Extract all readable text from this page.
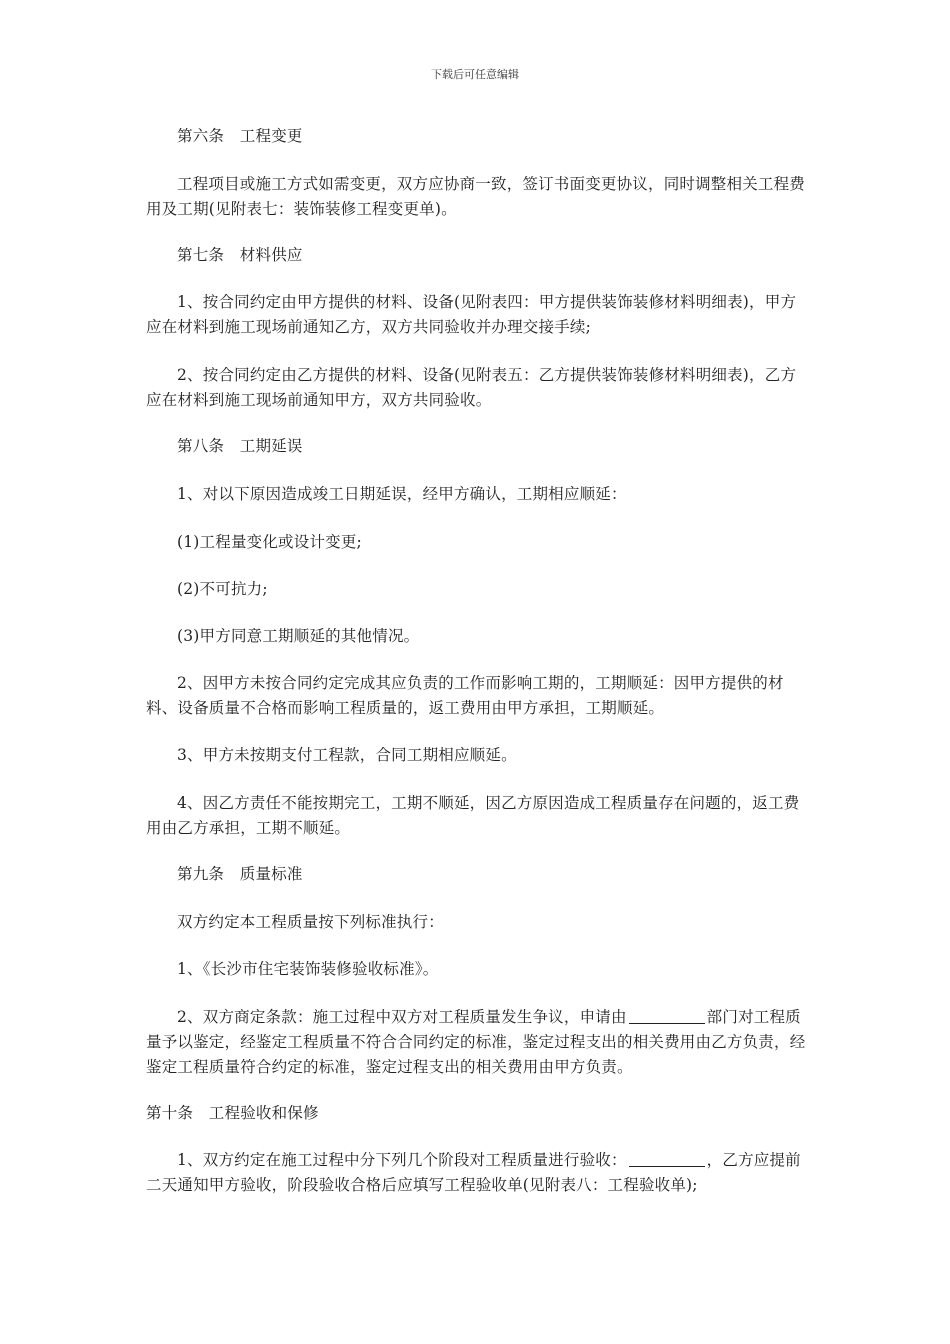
下载后可任意编辑

第六条　工程变更

工程项目或施工方式如需变更，双方应协商一致，签订书面变更协议，同时调整相关工程费用及工期(见附表七：装饰装修工程变更单)。

第七条　材料供应

1、按合同约定由甲方提供的材料、设备(见附表四：甲方提供装饰装修材料明细表)，甲方应在材料到施工现场前通知乙方，双方共同验收并办理交接手续;

2、按合同约定由乙方提供的材料、设备(见附表五：乙方提供装饰装修材料明细表)，乙方应在材料到施工现场前通知甲方，双方共同验收。

第八条　工期延误

1、对以下原因造成竣工日期延误，经甲方确认，工期相应顺延：

(1)工程量变化或设计变更;

(2)不可抗力;

(3)甲方同意工期顺延的其他情况。

2、因甲方未按合同约定完成其应负责的工作而影响工期的，工期顺延：因甲方提供的材料、设备质量不合格而影响工程质量的，返工费用由甲方承担，工期顺延。

3、甲方未按期支付工程款，合同工期相应顺延。

4、因乙方责任不能按期完工，工期不顺延，因乙方原因造成工程质量存在问题的，返工费用由乙方承担，工期不顺延。

第九条　质量标准

双方约定本工程质量按下列标准执行：

1、《长沙市住宅装饰装修验收标准》。

2、双方商定条款：施工过程中双方对工程质量发生争议，申请由	部门对工程质量予以鉴定，经鉴定工程质量不符合合同约定的标准，鉴定过程支出的相关费用由乙方负责，经鉴定工程质量符合约定的标准，鉴定过程支出的相关费用由甲方负责。

第十条　工程验收和保修

1、双方约定在施工过程中分下列几个阶段对工程质量进行验收：	，乙方应提前二天通知甲方验收，阶段验收合格后应填写工程验收单(见附表八：工程验收单);
